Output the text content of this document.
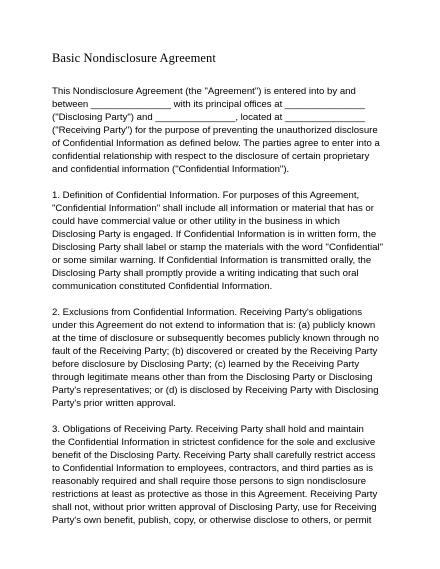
Basic Nondisclosure Agreement
This Nondisclosure Agreement (the "Agreement") is entered into by and
between _______________ with its principal offices at _______________
("Disclosing Party") and _______________, located at _______________
("Receiving Party") for the purpose of preventing the unauthorized disclosure
of Confidential Information as defined below. The parties agree to enter into a
confidential relationship with respect to the disclosure of certain proprietary
and confidential information ("Confidential Information").
1. Definition of Confidential Information. For purposes of this Agreement,
"Confidential Information" shall include all information or material that has or
could have commercial value or other utility in the business in which
Disclosing Party is engaged. If Confidential Information is in written form, the
Disclosing Party shall label or stamp the materials with the word "Confidential"
or some similar warning. If Confidential Information is transmitted orally, the
Disclosing Party shall promptly provide a writing indicating that such oral
communication constituted Confidential Information.
2. Exclusions from Confidential Information. Receiving Party's obligations
under this Agreement do not extend to information that is: (a) publicly known
at the time of disclosure or subsequently becomes publicly known through no
fault of the Receiving Party; (b) discovered or created by the Receiving Party
before disclosure by Disclosing Party; (c) learned by the Receiving Party
through legitimate means other than from the Disclosing Party or Disclosing
Party's representatives; or (d) is disclosed by Receiving Party with Disclosing
Party's prior written approval.
3. Obligations of Receiving Party. Receiving Party shall hold and maintain
the Confidential Information in strictest confidence for the sole and exclusive
benefit of the Disclosing Party. Receiving Party shall carefully restrict access
to Confidential Information to employees, contractors, and third parties as is
reasonably required and shall require those persons to sign nondisclosure
restrictions at least as protective as those in this Agreement. Receiving Party
shall not, without prior written approval of Disclosing Party, use for Receiving
Party's own benefit, publish, copy, or otherwise disclose to others, or permit
